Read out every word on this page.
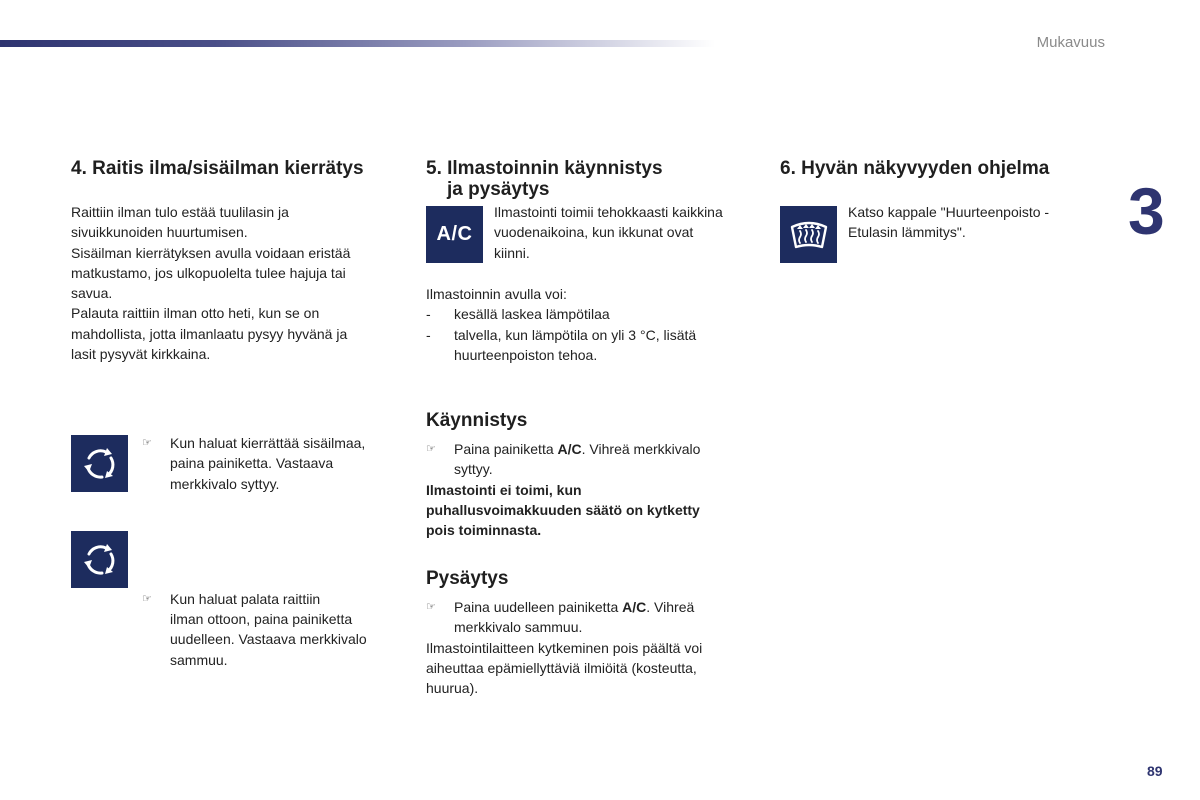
Mukavuus
3
89
4. Raitis ilma/sisäilman kierrätys
Raittiin ilman tulo estää tuulilasin ja
sivuikkunoiden huurtumisen.
Sisäilman kierrätyksen avulla voidaan eristää
matkustamo, jos ulkopuolelta tulee hajuja tai
savua.
Palauta raittiin ilman otto heti, kun se on
mahdollista, jotta ilmanlaatu pysyy hyvänä ja
lasit pysyvät kirkkaina.
☞ Kun haluat kierrättää sisäilmaa,
paina painiketta. Vastaava
merkkivalo syttyy.
☞ Kun haluat palata raittiin
ilman ottoon, paina painiketta
uudelleen. Vastaava merkkivalo
sammuu.
5. Ilmastoinnin käynnistys
ja pysäytys
A/C
Ilmastointi toimii tehokkaasti kaikkina
vuodenaikoina, kun ikkunat ovat
kiinni.
Ilmastoinnin avulla voi:
- kesällä laskea lämpötilaa
- talvella, kun lämpötila on yli 3 °C, lisätä
huurteenpoiston tehoa.
Käynnistys
☞ Paina painiketta A/C. Vihreä merkkivalo
syttyy.
Ilmastointi ei toimi, kun
puhallusvoimakkuuden säätö on kytketty
pois toiminnasta.
Pysäytys
☞ Paina uudelleen painiketta A/C. Vihreä
merkkivalo sammuu.
Ilmastointilaitteen kytkeminen pois päältä voi
aiheuttaa epämiellyttäviä ilmiöitä (kosteutta,
huurua).
6. Hyvän näkyvyyden ohjelma
Katso kappale "Huurteenpoisto -
Etulasin lämmitys".
